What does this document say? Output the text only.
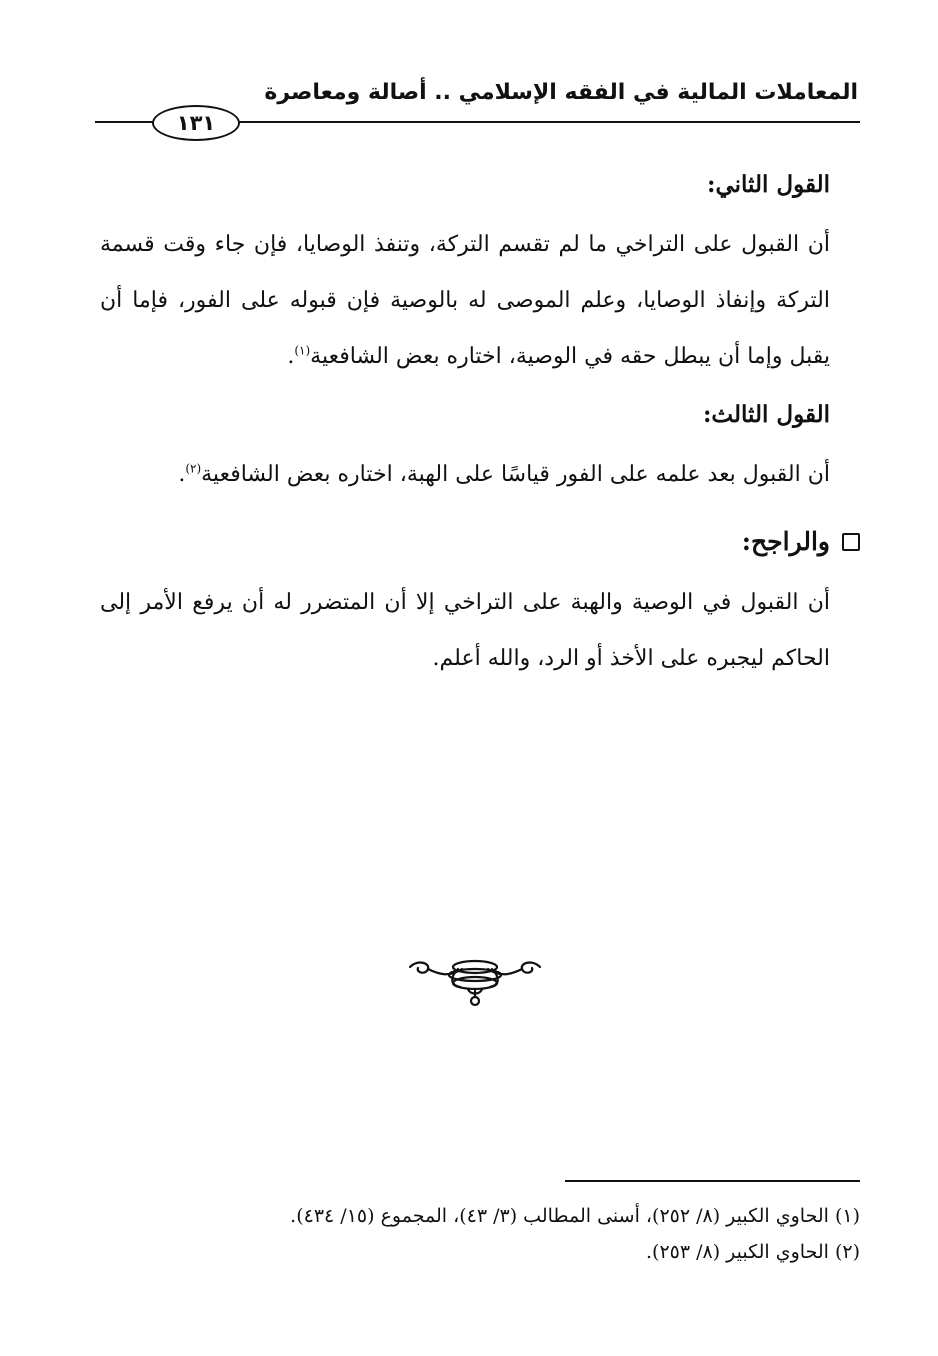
المعاملات المالية في الفقه الإسلامي .. أصالة ومعاصرة
١٣١

القول الثاني:

أن القبول على التراخي ما لم تقسم التركة، وتنفذ الوصايا، فإن جاء وقت قسمة التركة وإنفاذ الوصايا، وعلم الموصى له بالوصية فإن قبوله على الفور، فإما أن يقبل وإما أن يبطل حقه في الوصية، اختاره بعض الشافعية$^{(١)}$.

القول الثالث:

أن القبول بعد علمه على الفور قياسًا على الهبة، اختاره بعض الشافعية$^{(٢)}$.

والراجح:

أن القبول في الوصية والهبة على التراخي إلا أن المتضرر له أن يرفع الأمر إلى الحاكم ليجبره على الأخذ أو الرد، والله أعلم.

(١) الحاوي الكبير (٨/ ٢٥٢)، أسنى المطالب (٣/ ٤٣)، المجموع (١٥/ ٤٣٤).

(٢) الحاوي الكبير (٨/ ٢٥٣).
